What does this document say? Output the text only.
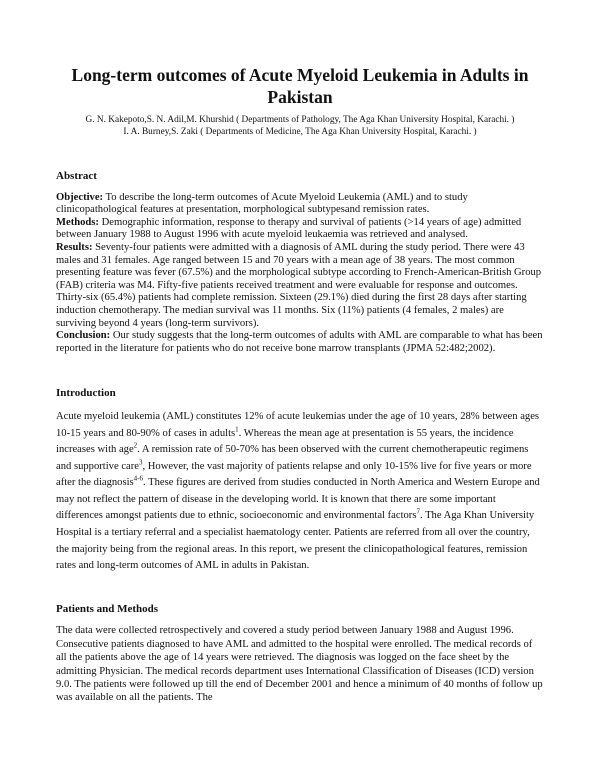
Long-term outcomes of Acute Myeloid Leukemia in Adults in Pakistan
G. N. Kakepoto,S. N. Adil,M. Khurshid ( Departments of Pathology, The Aga Khan University Hospital, Karachi. )
I. A. Burney,S. Zaki ( Departments of Medicine, The Aga Khan University Hospital, Karachi. )
Abstract

Objective: To describe the long-term outcomes of Acute Myeloid Leukemia (AML) and to study clinicopathological features at presentation, morphological subtypesand remission rates.

Methods: Demographic information, response to therapy and survival of patients (>14 years of age) admitted between January 1988 to August 1996 with acute myeloid leukaemia was retrieved and analysed.

Results: Seventy-four patients were admitted with a diagnosis of AML during the study period. There were 43 males and 31 females. Age ranged between 15 and 70 years with a mean age of 38 years. The most common presenting feature was fever (67.5%) and the morphological subtype according to French-American-British Group (FAB) criteria was M4. Fifty-five patients received treatment and were evaluable for response and outcomes. Thirty-six (65.4%) patients had complete remission. Sixteen (29.1%) died during the first 28 days after starting induction chemotherapy. The median survival was 11 months. Six (11%) patients (4 females, 2 males) are surviving beyond 4 years (long-term survivors).

Conclusion: Our study suggests that the long-term outcomes of adults with AML are comparable to what has been reported in the literature for patients who do not receive bone marrow transplants (JPMA 52:482;2002).

Introduction

Acute myeloid leukemia (AML) constitutes 12% of acute leukemias under the age of 10 years, 28% between ages 10-15 years and 80-90% of cases in adults$^1$. Whereas the mean age at presentation is 55 years, the incidence increases with age$^2$. A remission rate of 50-70% has been observed with the current chemotherapeutic regimens and supportive care$^3$, However, the vast majority of patients relapse and only 10-15% live for five years or more after the diagnosis$^{4-6}$. These figures are derived from studies conducted in North America and Western Europe and may not reflect the pattern of disease in the developing world. It is known that there are some important differences amongst patients due to ethnic, socioeconomic and environmental factors$^7$. The Aga Khan University Hospital is a tertiary referral and a specialist haematology center. Patients are referred from all over the country, the majority being from the regional areas. In this report, we present the clinicopathological features, remission rates and long-term outcomes of AML in adults in Pakistan.

Patients and Methods

The data were collected retrospectively and covered a study period between January 1988 and August 1996. Consecutive patients diagnosed to have AML and admitted to the hospital were enrolled. The medical records of all the patients above the age of 14 years were retrieved. The diagnosis was logged on the face sheet by the admitting Physician. The medical records department uses International Classification of Diseases (ICD) version 9.0. The patients were followed up till the end of December 2001 and hence a minimum of 40 months of follow up was available on all the patients. The
